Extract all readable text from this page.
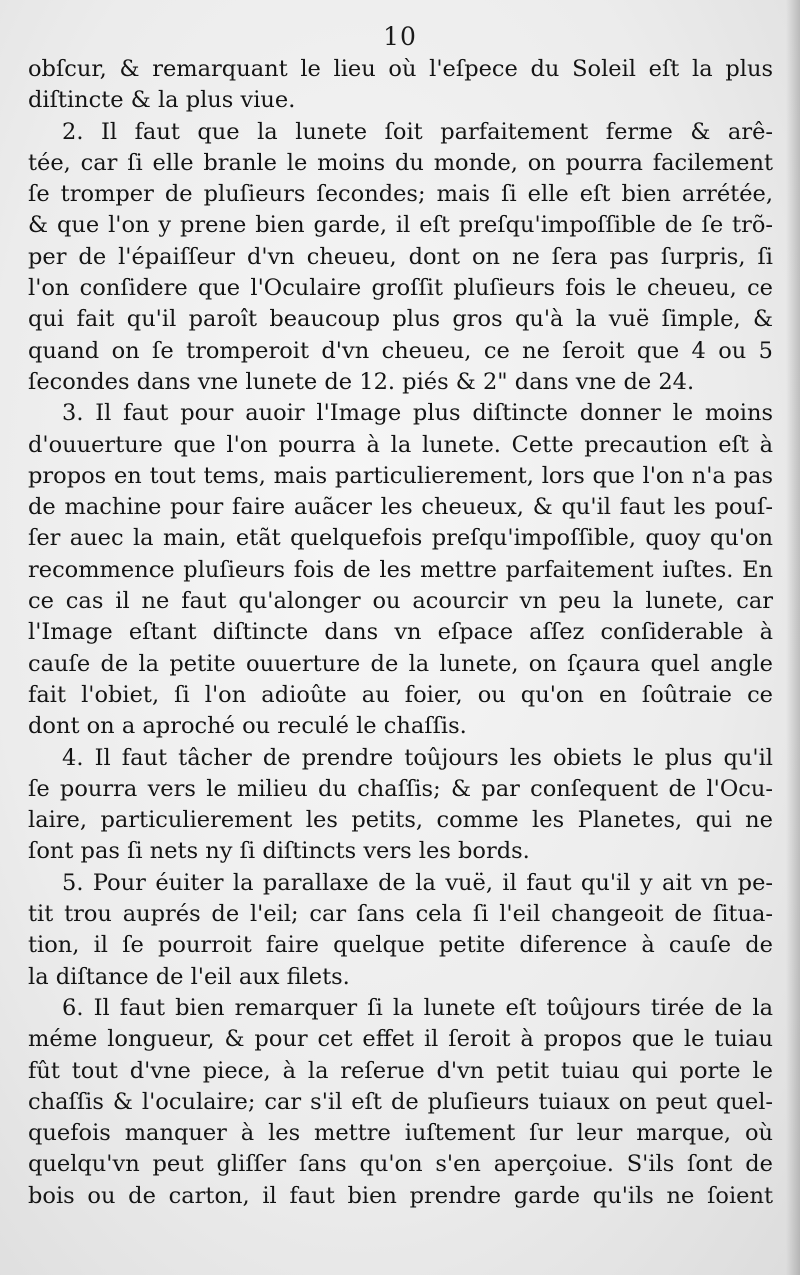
10
obſcur, & remarquant le lieu où l'eſpece du Soleil eſt la plus
diſtincte & la plus viue.
2. Il faut que la lunete ſoit parfaitement ferme & arê-
tée, car ſi elle branle le moins du monde, on pourra facilement
ſe tromper de pluſieurs ſecondes; mais ſi elle eſt bien arrétée,
& que l'on y prene bien garde, il eſt preſqu'impoſſible de ſe trõ-
per de l'épaiſſeur d'vn cheueu, dont on ne ſera pas ſurpris, ſi
l'on conſidere que l'Oculaire groſſit pluſieurs fois le cheueu, ce
qui fait qu'il paroît beaucoup plus gros qu'à la vuë ſimple, &
quand on ſe tromperoit d'vn cheueu, ce ne ſeroit que 4 ou 5
ſecondes dans vne lunete de 12. piés & 2" dans vne de 24.
3. Il faut pour auoir l'Image plus diſtincte donner le moins
d'ouuerture que l'on pourra à la lunete. Cette precaution eſt à
propos en tout tems, mais particulierement, lors que l'on n'a pas
de machine pour faire auãcer les cheueux, & qu'il faut les pouſ-
ſer auec la main, etãt quelquefois preſqu'impoſſible, quoy qu'on
recommence pluſieurs fois de les mettre parfaitement iuſtes. En
ce cas il ne faut qu'alonger ou acourcir vn peu la lunete, car
l'Image eſtant diſtincte dans vn eſpace aſſez conſiderable à
cauſe de la petite ouuerture de la lunete, on ſçaura quel angle
fait l'obiet, ſi l'on adioûte au foier, ou qu'on en ſoûtraie ce
dont on a aproché ou reculé le chaſſis.
4. Il faut tâcher de prendre toûjours les obiets le plus qu'il
ſe pourra vers le milieu du chaſſis; & par conſequent de l'Ocu-
laire, particulierement les petits, comme les Planetes, qui ne
ſont pas ſi nets ny ſi diſtincts vers les bords.
5. Pour éuiter la parallaxe de la vuë, il faut qu'il y ait vn pe-
tit trou auprés de l'eil; car ſans cela ſi l'eil changeoit de ſitua-
tion, il ſe pourroit faire quelque petite diference à cauſe de
la diſtance de l'eil aux filets.
6. Il faut bien remarquer ſi la lunete eſt toûjours tirée de la
méme longueur, & pour cet effet il ſeroit à propos que le tuiau
fût tout d'vne piece, à la reſerue d'vn petit tuiau qui porte le
chaſſis & l'oculaire; car s'il eſt de pluſieurs tuiaux on peut quel-
quefois manquer à les mettre iuſtement ſur leur marque, où
quelqu'vn peut gliſſer ſans qu'on s'en aperçoiue. S'ils ſont de
bois ou de carton, il faut bien prendre garde qu'ils ne ſoient
